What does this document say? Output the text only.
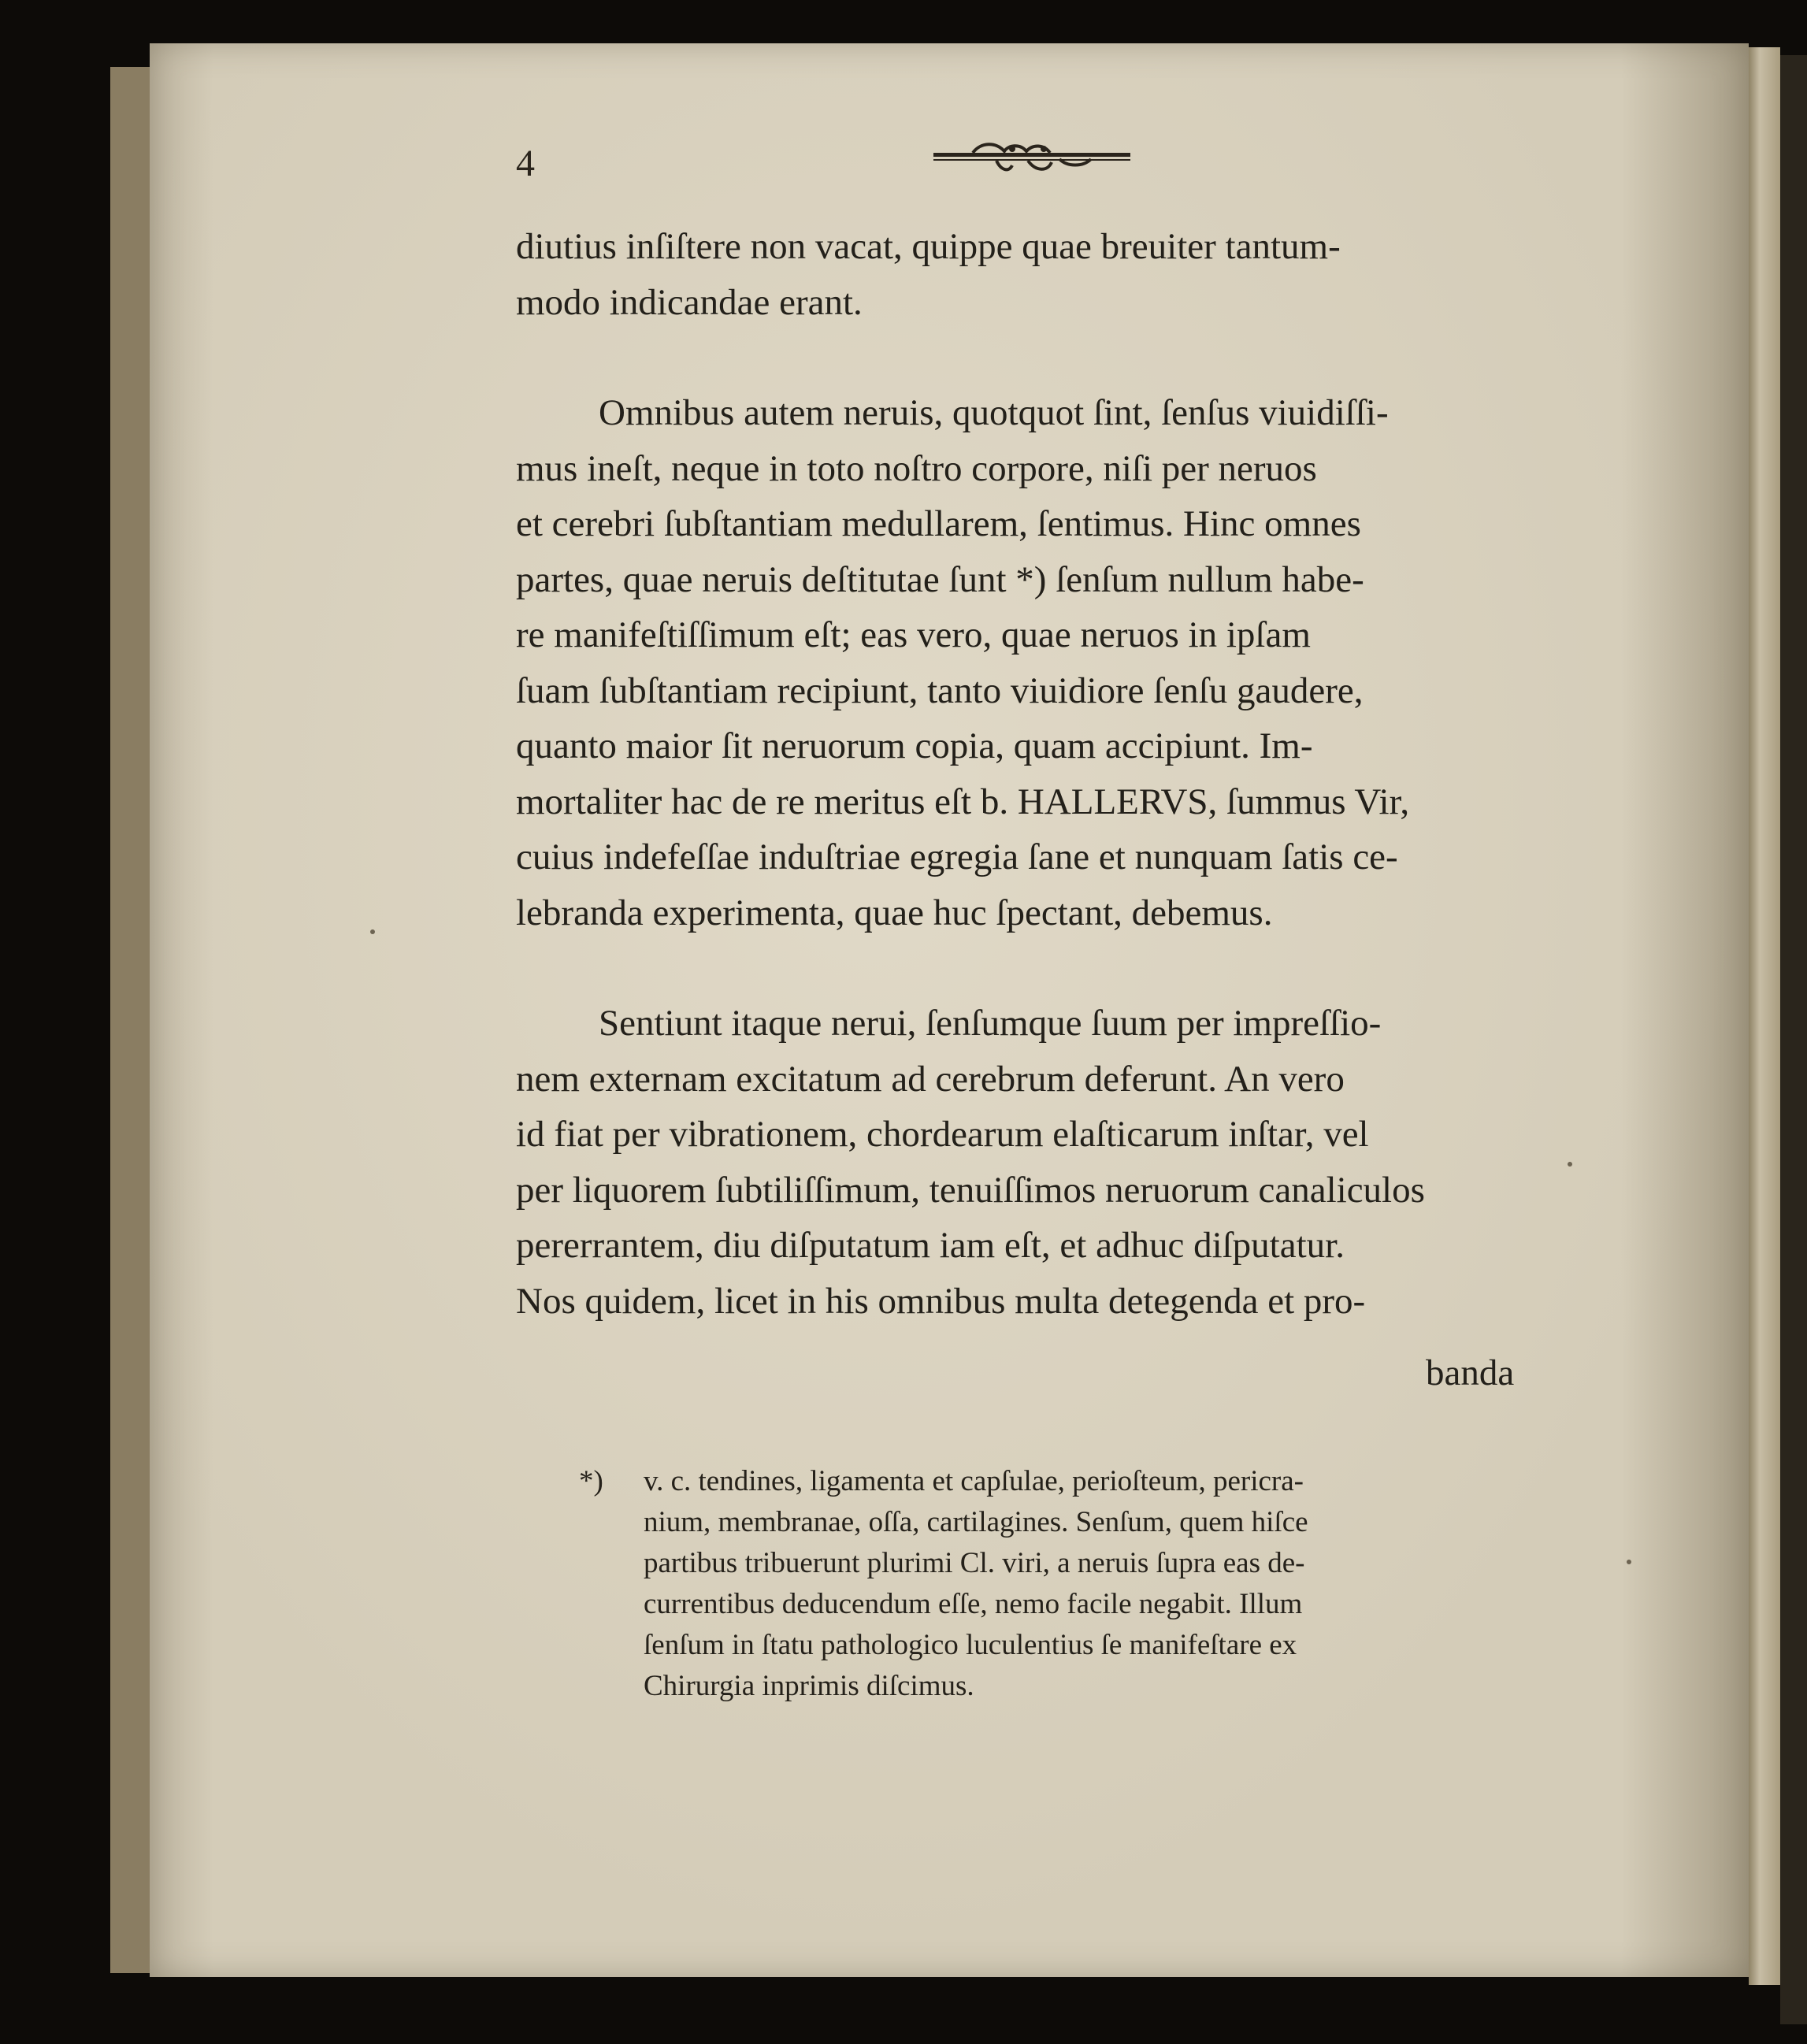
4

diutius inſiſtere non vacat, quippe quae breuiter tantum-
modo indicandae erant.

Omnibus autem neruis, quotquot ſint, ſenſus viuidiſſi-
mus ineſt, neque in toto noſtro corpore, niſi per neruos
et cerebri ſubſtantiam medullarem, ſentimus. Hinc omnes
partes, quae neruis deſtitutae ſunt *) ſenſum nullum habe-
re manifeſtiſſimum eſt; eas vero, quae neruos in ipſam
ſuam ſubſtantiam recipiunt, tanto viuidiore ſenſu gaudere,
quanto maior ſit neruorum copia, quam accipiunt. Im-
mortaliter hac de re meritus eſt b. HALLERVS, ſummus Vir,
cuius indefeſſae induſtriae egregia ſane et nunquam ſatis ce-
lebranda experimenta, quae huc ſpectant, debemus.

Sentiunt itaque nerui, ſenſumque ſuum per impreſſio-
nem externam excitatum ad cerebrum deferunt. An vero
id fiat per vibrationem, chordearum elaſticarum inſtar, vel
per liquorem ſubtiliſſimum, tenuiſſimos neruorum canaliculos
pererrantem, diu diſputatum iam eſt, et adhuc diſputatur.
Nos quidem, licet in his omnibus multa detegenda et pro-

banda
*) v. c. tendines, ligamenta et capſulae, perioſteum, pericra-
nium, membranae, oſſa, cartilagines. Senſum, quem hiſce
partibus tribuerunt plurimi Cl. viri, a neruis ſupra eas de-
currentibus deducendum eſſe, nemo facile negabit. Illum
ſenſum in ſtatu pathologico luculentius ſe manifeſtare ex
Chirurgia inprimis diſcimus.
